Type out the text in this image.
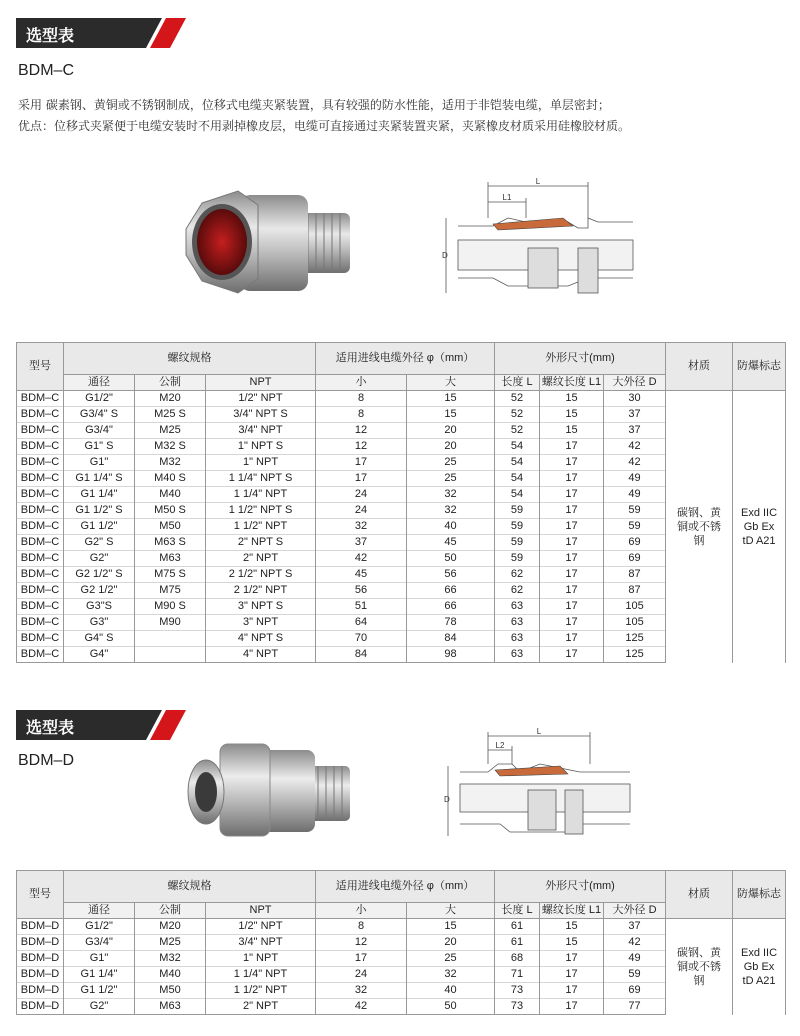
选型表
BDM–C
采用 碳素钢、黄铜或不锈钢制成，位移式电缆夹紧装置，具有较强的防水性能，适用于非铠装电缆，单层密封；
优点：位移式夹紧便于电缆安装时不用剥掉橡皮层，电缆可直接通过夹紧装置夹紧，夹紧橡皮材质采用硅橡胶材质。
L
L1
D
型号	螺纹规格			适用进线电缆外径 φ（mm）		外形尺寸(mm)			材质	防爆标志
	通径	公制	NPT	小	大	长度 L	螺纹长度 L1	大外径 D		
BDM–C	G1/2"	M20	1/2" NPT	8	15	52	15	30	碳钢、黄铜或不锈钢	Exd IIC Gb Ex tD A21
BDM–C	G3/4" S	M25 S	3/4" NPT S	8	15	52	15	37		
BDM–C	G3/4"	M25	3/4" NPT	12	20	52	15	37		
BDM–C	G1" S	M32 S	1" NPT S	12	20	54	17	42		
BDM–C	G1"	M32	1" NPT	17	25	54	17	42		
BDM–C	G1 1/4" S	M40 S	1 1/4" NPT S	17	25	54	17	49		
BDM–C	G1 1/4"	M40	1 1/4" NPT	24	32	54	17	49		
BDM–C	G1 1/2" S	M50 S	1 1/2" NPT S	24	32	59	17	59		
BDM–C	G1 1/2"	M50	1 1/2" NPT	32	40	59	17	59		
BDM–C	G2" S	M63 S	2" NPT S	37	45	59	17	69		
BDM–C	G2"	M63	2" NPT	42	50	59	17	69		
BDM–C	G2 1/2" S	M75 S	2 1/2" NPT S	45	56	62	17	87		
BDM–C	G2 1/2"	M75	2 1/2" NPT	56	66	62	17	87		
BDM–C	G3"S	M90 S	3" NPT S	51	66	63	17	105		
BDM–C	G3"	M90	3" NPT	64	78	63	17	105		
BDM–C	G4" S		4" NPT S	70	84	63	17	125		
BDM–C	G4"		4" NPT	84	98	63	17	125		
选型表
BDM–D
L
L2
D
型号	螺纹规格			适用进线电缆外径 φ（mm）		外形尺寸(mm)			材质	防爆标志
	通径	公制	NPT	小	大	长度 L	螺纹长度 L1	大外径 D		
BDM–D	G1/2"	M20	1/2" NPT	8	15	61	15	37	碳钢、黄铜或不锈钢	Exd IIC Gb Ex tD A21
BDM–D	G3/4"	M25	3/4" NPT	12	20	61	15	42		
BDM–D	G1"	M32	1" NPT	17	25	68	17	49		
BDM–D	G1 1/4"	M40	1 1/4" NPT	24	32	71	17	59		
BDM–D	G1 1/2"	M50	1 1/2" NPT	32	40	73	17	69		
BDM–D	G2"	M63	2" NPT	42	50	73	17	77		
